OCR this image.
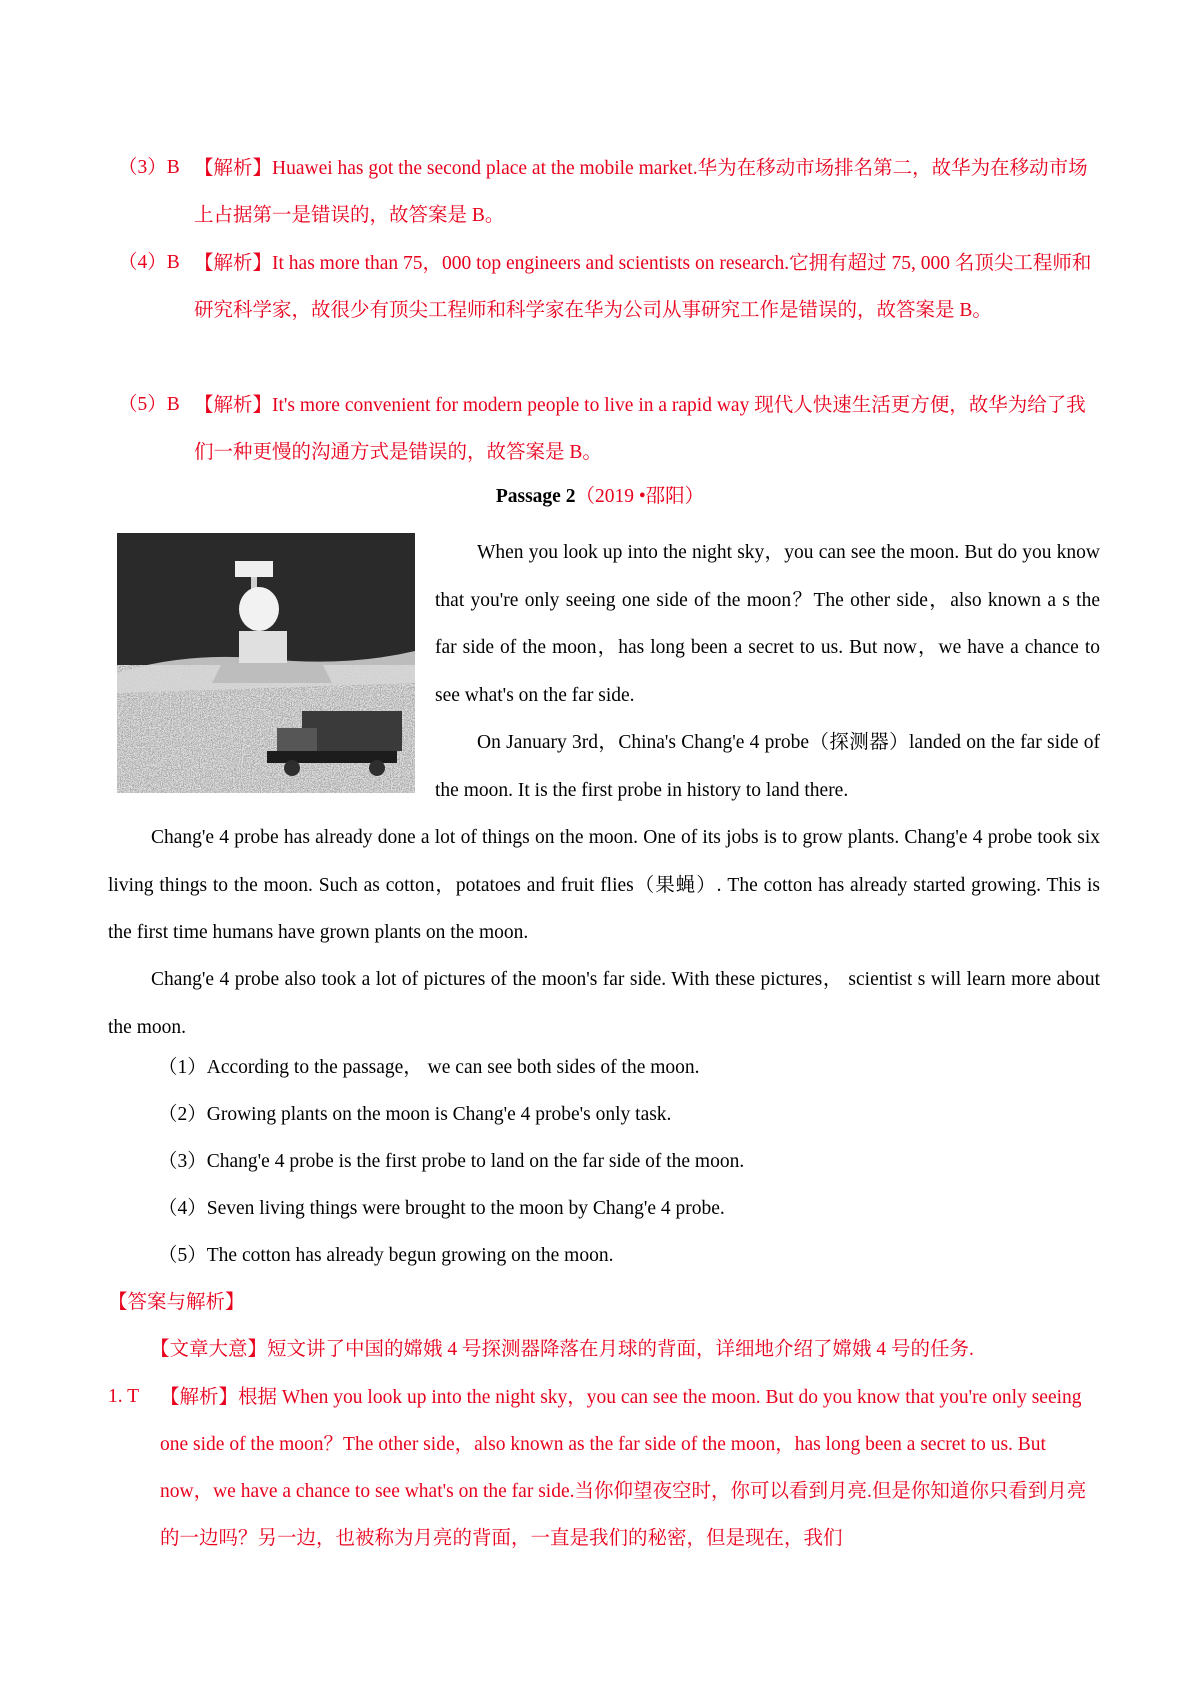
（3）B 【解析】Huawei has got the second place at the mobile market.华为在移动市场排名第二，故华为在移动市场上占据第一是错误的，故答案是 B。
（4）B 【解析】It has more than 75，000 top engineers and scientists on research.它拥有超过 75, 000 名顶尖工程师和研究科学家，故很少有顶尖工程师和科学家在华为公司从事研究工作是错误的，故答案是 B。
（5）B 【解析】It's more convenient for modern people to live in a rapid way 现代人快速生活更方便，故华为给了我们一种更慢的沟通方式是错误的，故答案是 B。
Passage 2（2019 •邵阳）
When you look up into the night sky，you can see the moon. But do you know that you're only seeing one side of the moon？The other side，also known a s the far side of the moon，has long been a secret to us. But now，we have a chance to see what's on the far side.
On January 3rd，China's Chang'e 4 probe（探测器）landed on the far side of the moon. It is the first probe in history to land there.
Chang'e 4 probe has already done a lot of things on the moon. One of its jobs is to grow plants. Chang'e 4 probe took six living things to the moon. Such as cotton，potatoes and fruit flies（果蝇）. The cotton has already started growing. This is the first time humans have grown plants on the moon.
Chang'e 4 probe also took a lot of pictures of the moon's far side. With these pictures， scientist s will learn more about the moon.
（1）According to the passage， we can see both sides of the moon.
（2）Growing plants on the moon is Chang'e 4 probe's only task.
（3）Chang'e 4 probe is the first probe to land on the far side of the moon.
（4）Seven living things were brought to the moon by Chang'e 4 probe.
（5）The cotton has already begun growing on the moon.
【答案与解析】
【文章大意】短文讲了中国的嫦娥 4 号探测器降落在月球的背面，详细地介绍了嫦娥 4 号的任务.
1. T 【解析】根据 When you look up into the night sky，you can see the moon. But do you know that you're only seeing one side of the moon？The other side，also known as the far side of the moon，has long been a secret to us. But now，we have a chance to see what's on the far side.当你仰望夜空时，你可以看到月亮.但是你知道你只看到月亮的一边吗？另一边，也被称为月亮的背面，一直是我们的秘密，但是现在，我们
